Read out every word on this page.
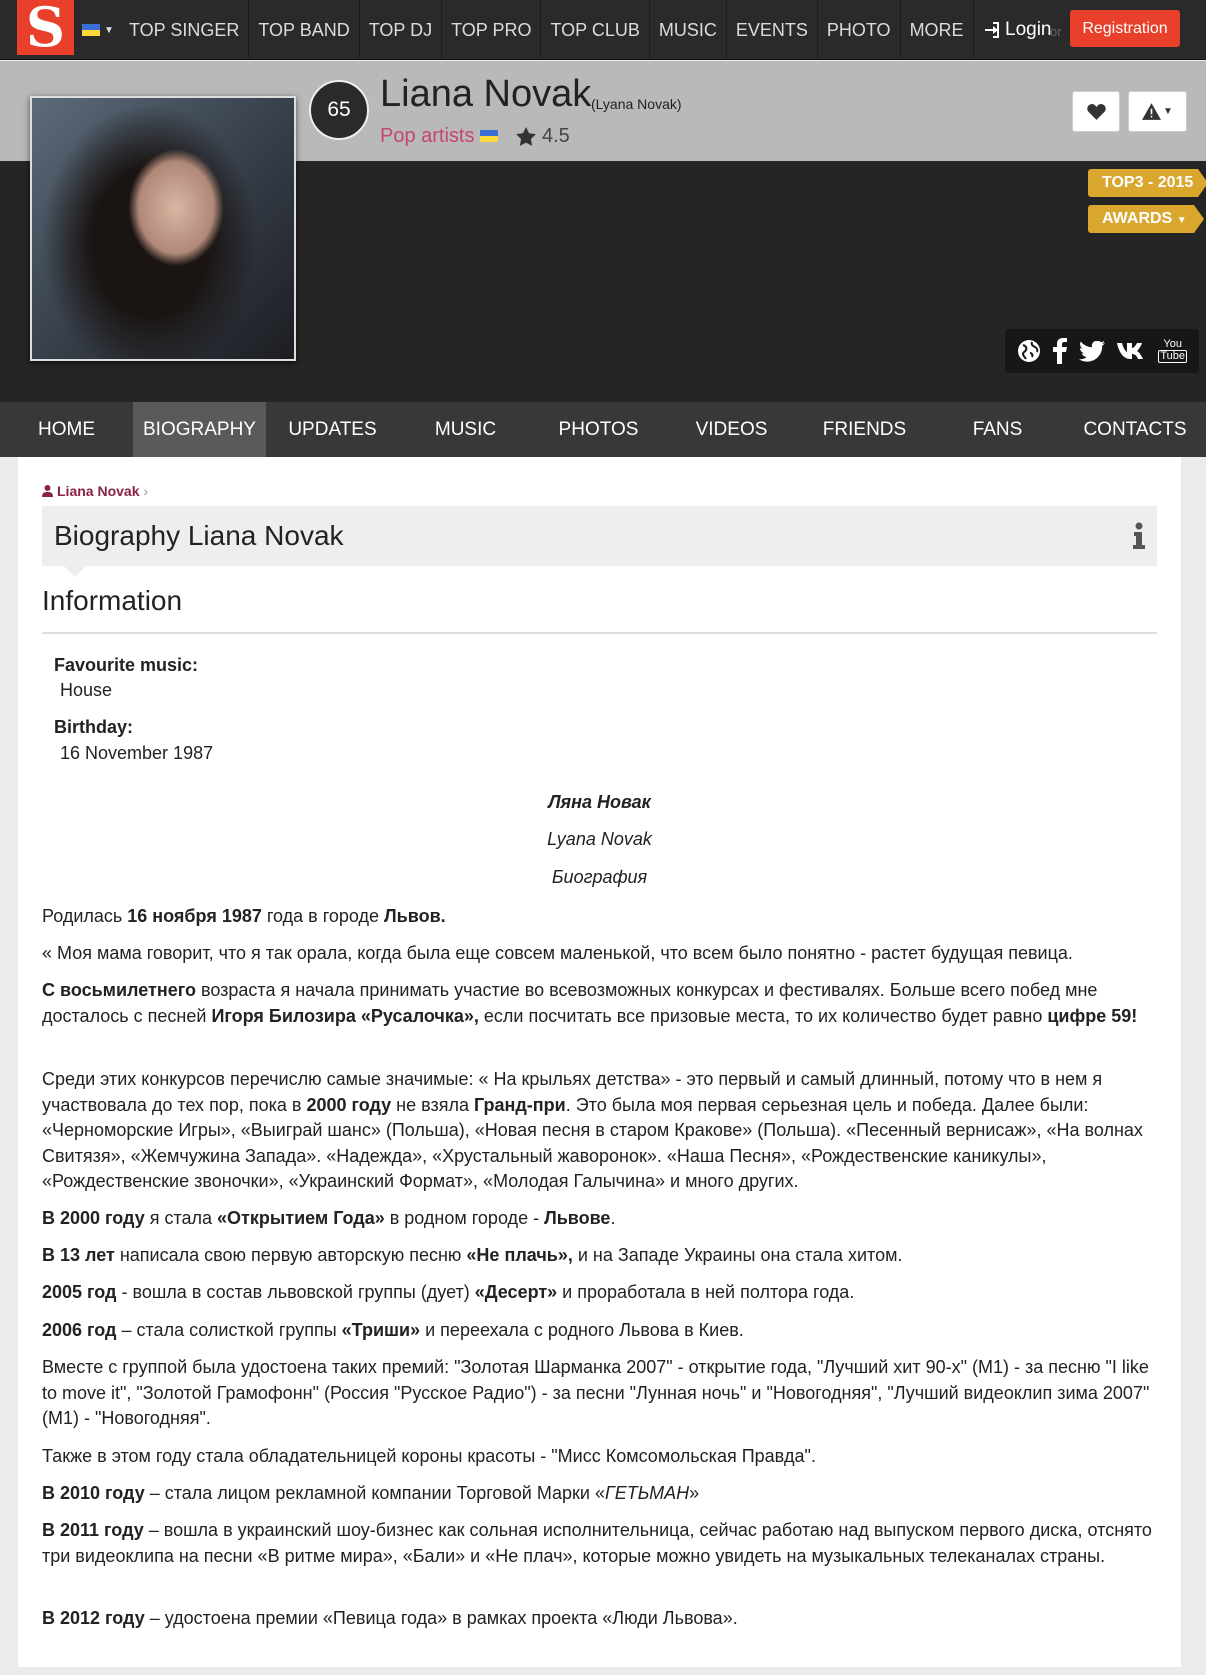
S	▼ TOP SINGER	TOP BAND	TOP DJ	TOP PRO	TOP CLUB	MUSIC	EVENTS	PHOTO	MORE	Login
or	Registration
65 Liana Novak (Lyana Novak)
Pop artists	4.5
▼
TOP3 - 2015
AWARDS ▼
You
Tube
HOME	BIOGRAPHY	UPDATES	MUSIC	PHOTOS	VIDEOS	FRIENDS	FANS	CONTACTS
Liana Novak ›
Biography Liana Novak
Information
Favourite music:
House
Birthday:
16 November 1987
Ляна Новак
Lyana Novak
Биография
Родилась 16 ноября 1987 года в городе Львов.
« Моя мама говорит, что я так орала, когда была еще совсем маленькой, что всем было понятно - растет будущая певица.
С восьмилетнего возраста я начала принимать участие во всевозможных конкурсах и фестивалях. Больше всего побед мне досталось с песней Игоря Билозира «Русалочка», если посчитать все призовые места, то их количество будет равно цифре 59!
Среди этих конкурсов перечислю самые значимые: « На крыльях детства» - это первый и самый длинный, потому что в нем я участвовала до тех пор, пока в 2000 году не взяла Гранд-при. Это была моя первая серьезная цель и победа. Далее были: «Черноморские Игры», «Выиграй шанс» (Польша), «Новая песня в старом Кракове» (Польша). «Песенный вернисаж», «На волнах Свитязя», «Жемчужина Запада». «Надежда», «Хрустальный жаворонок». «Наша Песня», «Рождественские каникулы», «Рождественские звоночки», «Украинский Формат», «Молодая Галычина» и много других.
В 2000 году я стала «Открытием Года» в родном городе - Львове.
В 13 лет написала свою первую авторскую песню «Не плачь», и на Западе Украины она стала хитом.
2005 год - вошла в состав львовской группы (дует) «Десерт» и проработала в ней полтора года.
2006 год – стала солисткой группы «Триши» и переехала с родного Львова в Киев.
Вместе с группой была удостоена таких премий: "Золотая Шарманка 2007" - открытие года, "Лучший хит 90-х" (М1) - за песню "I like to move it", "Золотой Грамофонн" (Россия "Русское Радио") - за песни "Лунная ночь" и "Новогодняя", "Лучший видеоклип зима 2007" (М1) - "Новогодняя".
Также в этом году стала обладательницей короны красоты - "Мисс Комсомольская Правда".
В 2010 году – стала лицом рекламной компании Торговой Марки «ГЕТЬМАН»
В 2011 году – вошла в украинский шоу-бизнес как сольная исполнительница, сейчас работаю над выпуском первого диска, отснято три видеоклипа на песни «В ритме мира», «Бали» и «Не плач», которые можно увидеть на музыкальных телеканалах страны.
В 2012 году – удостоена премии «Певица года» в рамках проекта «Люди Львова».
